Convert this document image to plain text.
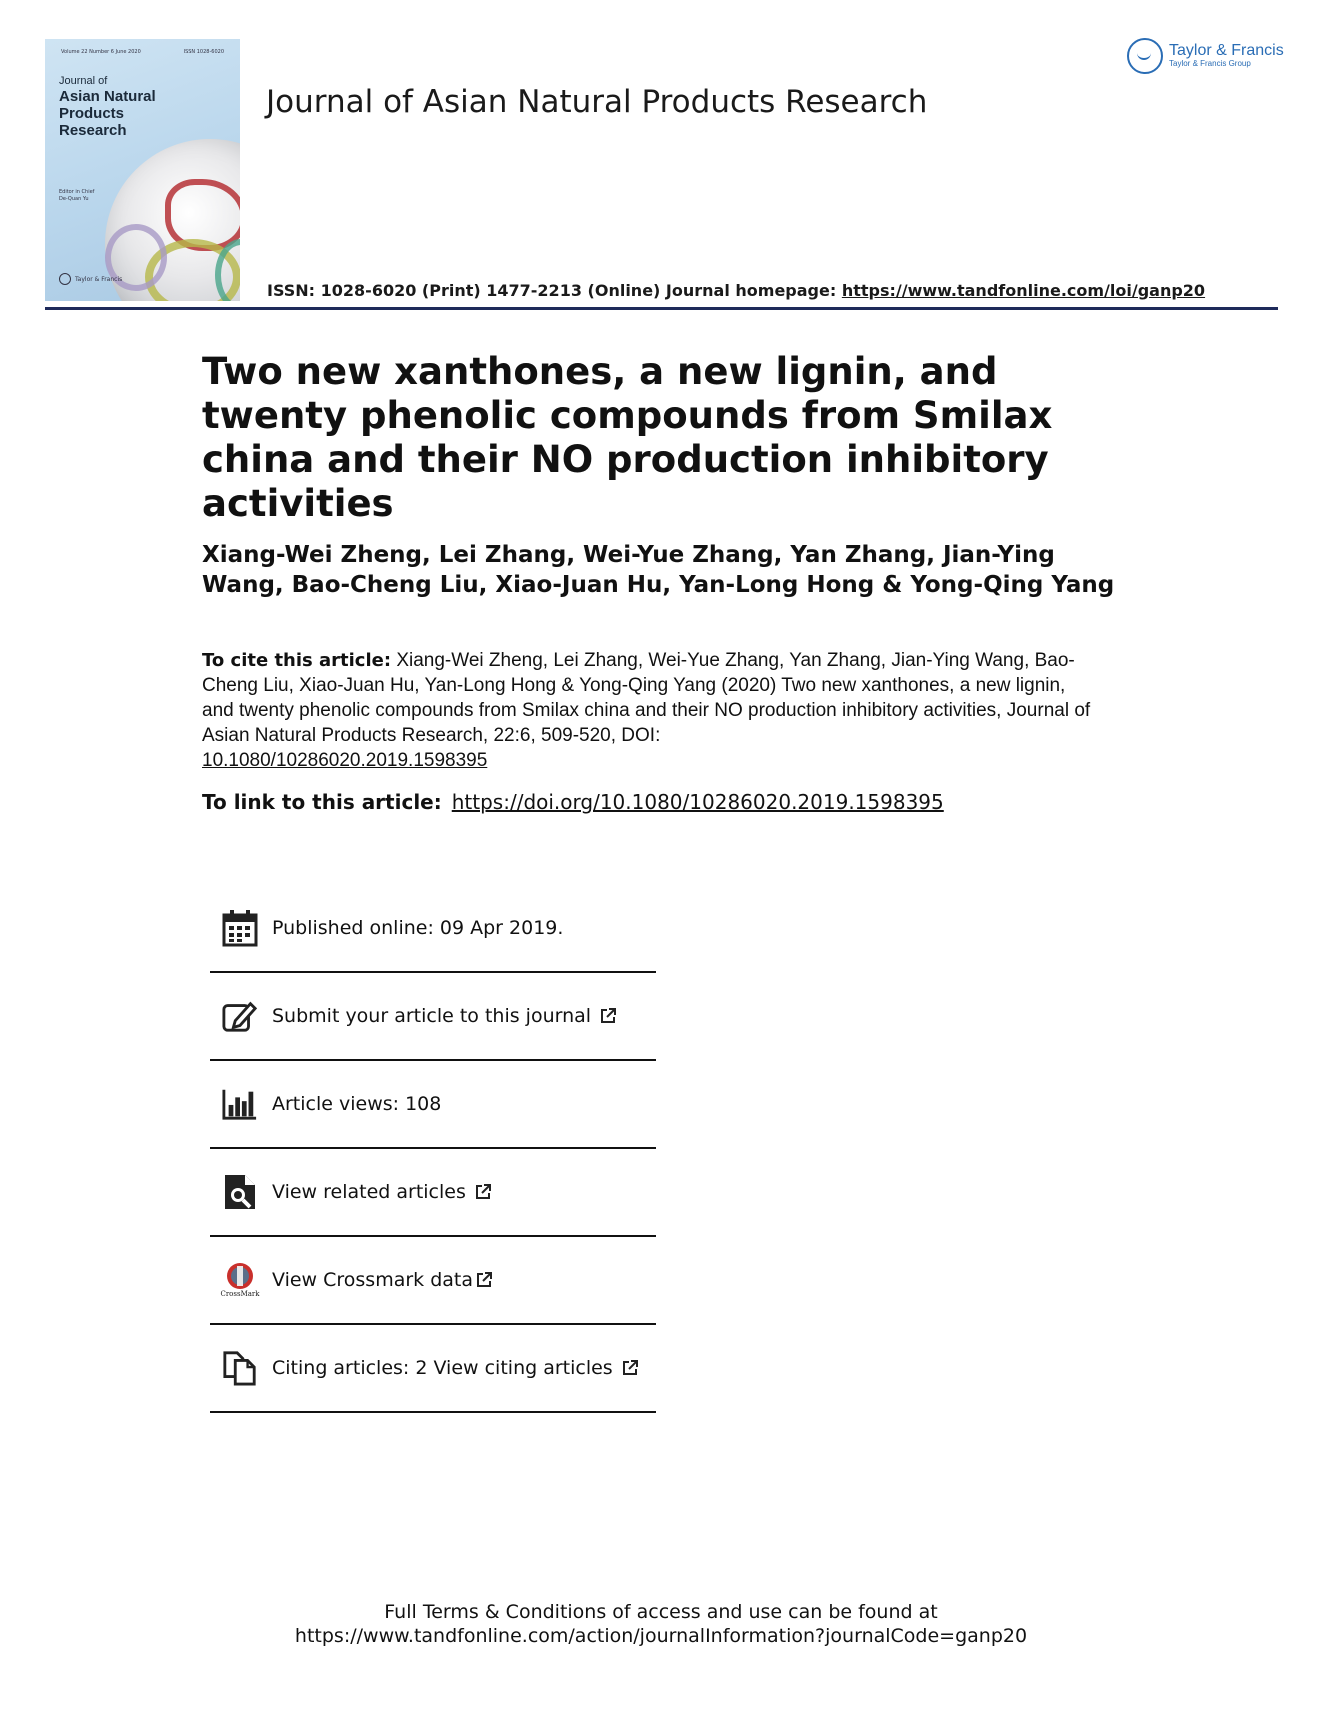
Volume 22 Number 6 June 2020	ISSN 1028-6020
Journal of
Asian Natural
Products
Research
Editor in Chief
De-Quan Yu
Taylor & Francis
Journal of Asian Natural Products Research
Taylor & Francis
Taylor & Francis Group
ISSN: 1028-6020 (Print) 1477-2213 (Online) Journal homepage: https://www.tandfonline.com/loi/ganp20
Two new xanthones, a new lignin, and twenty phenolic compounds from Smilax china and their NO production inhibitory activities
Xiang-Wei Zheng, Lei Zhang, Wei-Yue Zhang, Yan Zhang, Jian-Ying Wang, Bao-Cheng Liu, Xiao-Juan Hu, Yan-Long Hong & Yong-Qing Yang
To cite this article: Xiang-Wei Zheng, Lei Zhang, Wei-Yue Zhang, Yan Zhang, Jian-Ying Wang, Bao-Cheng Liu, Xiao-Juan Hu, Yan-Long Hong & Yong-Qing Yang (2020) Two new xanthones, a new lignin, and twenty phenolic compounds from Smilax china and their NO production inhibitory activities, Journal of Asian Natural Products Research, 22:6, 509-520, DOI:
10.1080/10286020.2019.1598395
To link to this article: https://doi.org/10.1080/10286020.2019.1598395
Published online: 09 Apr 2019.
Submit your article to this journal
Article views: 108
View related articles
CrossMark
View Crossmark data
Citing articles: 2 View citing articles
Full Terms & Conditions of access and use can be found at
https://www.tandfonline.com/action/journalInformation?journalCode=ganp20
